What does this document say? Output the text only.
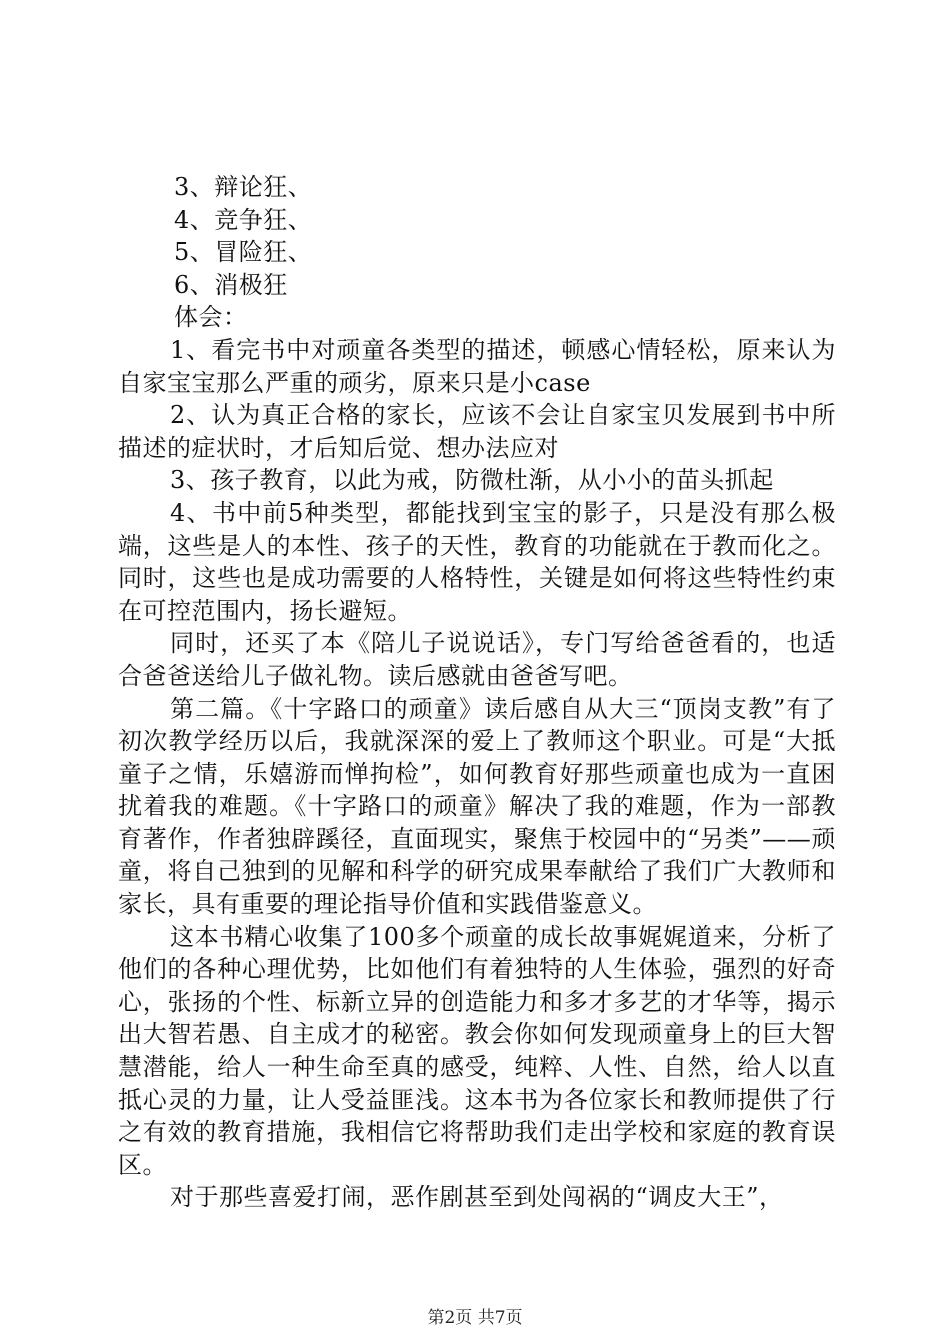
3、辩论狂、
4、竞争狂、
5、冒险狂、
6、消极狂
体会：

1、看完书中对顽童各类型的描述，顿感心情轻松，原来认为自家宝宝那么严重的顽劣，原来只是小case

2、认为真正合格的家长，应该不会让自家宝贝发展到书中所描述的症状时，才后知后觉、想办法应对

3、孩子教育，以此为戒，防微杜渐，从小小的苗头抓起

4、书中前5种类型，都能找到宝宝的影子，只是没有那么极端，这些是人的本性、孩子的天性，教育的功能就在于教而化之。同时，这些也是成功需要的人格特性，关键是如何将这些特性约束在可控范围内，扬长避短。

同时，还买了本《陪儿子说说话》，专门写给爸爸看的，也适合爸爸送给儿子做礼物。读后感就由爸爸写吧。

第二篇。《十字路口的顽童》读后感自从大三“顶岗支教”有了初次教学经历以后，我就深深的爱上了教师这个职业。可是“大抵童子之情，乐嬉游而惮拘检”，如何教育好那些顽童也成为一直困扰着我的难题。《十字路口的顽童》解决了我的难题，作为一部教育著作，作者独辟蹊径，直面现实，聚焦于校园中的“另类”——顽童，将自己独到的见解和科学的研究成果奉献给了我们广大教师和家长，具有重要的理论指导价值和实践借鉴意义。

这本书精心收集了100多个顽童的成长故事娓娓道来，分析了他们的各种心理优势，比如他们有着独特的人生体验，强烈的好奇心，张扬的个性、标新立异的创造能力和多才多艺的才华等，揭示出大智若愚、自主成才的秘密。教会你如何发现顽童身上的巨大智慧潜能，给人一种生命至真的感受，纯粹、人性、自然，给人以直抵心灵的力量，让人受益匪浅。这本书为各位家长和教师提供了行之有效的教育措施，我相信它将帮助我们走出学校和家庭的教育误区。

对于那些喜爱打闹，恶作剧甚至到处闯祸的“调皮大王”，

第2页 共7页
